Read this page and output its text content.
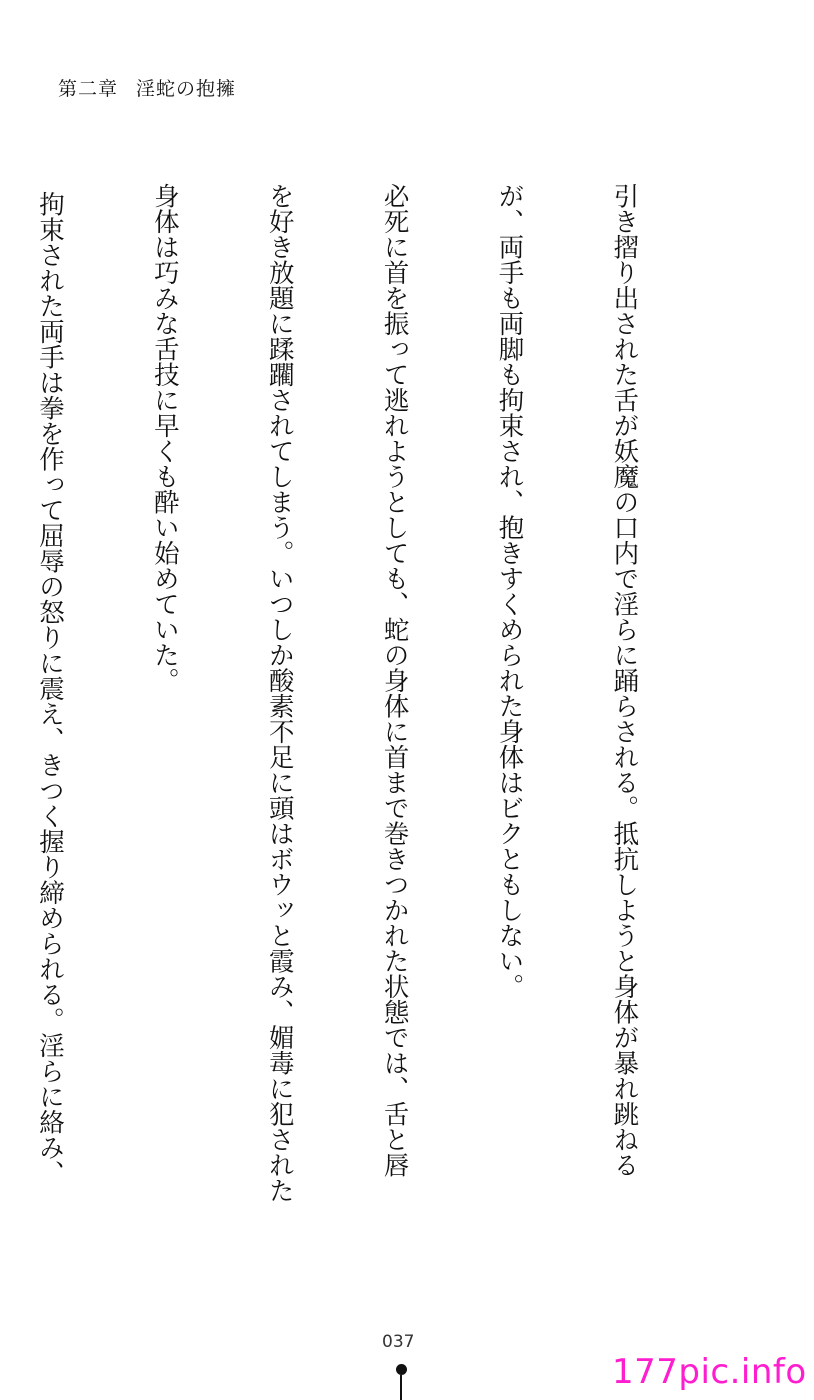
第二章 淫蛇の抱擁

引き摺り出された舌が妖魔の口内で淫らに踊らされる。抵抗しようと身体が暴れ跳ねる

が、両手も両脚も拘束され、抱きすくめられた身体はビクともしない。

必死に首を振って逃れようとしても、蛇の身体に首まで巻きつかれた状態では、舌と唇

を好き放題に蹂躙されてしまう。いつしか酸素不足に頭はボウッと霞み、媚毒に犯された

身体は巧みな舌技に早くも酔い始めていた。

拘束された両手は拳を作って屈辱の怒りに震え、きつく握り締められる。淫らに絡み、

037
177pic.info
